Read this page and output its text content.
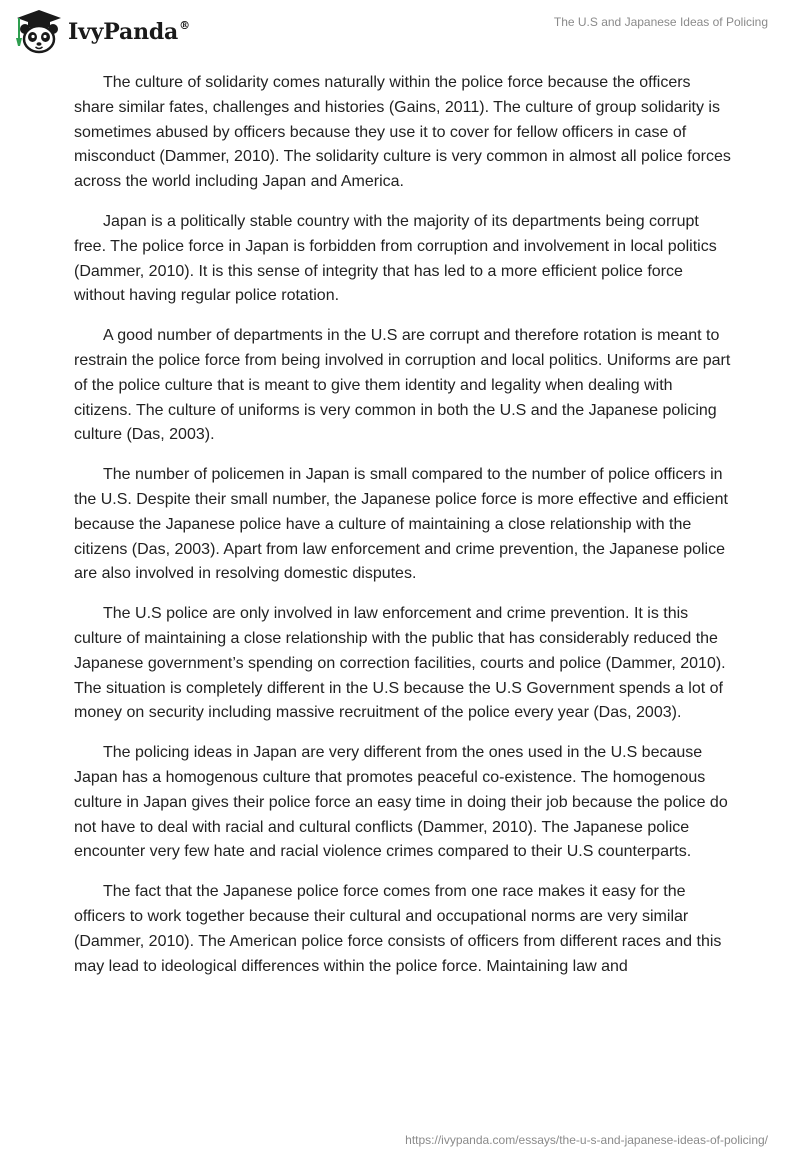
IvyPanda®	The U.S and Japanese Ideas of Policing

The culture of solidarity comes naturally within the police force because the officers share similar fates, challenges and histories (Gains, 2011). The culture of group solidarity is sometimes abused by officers because they use it to cover for fellow officers in case of misconduct (Dammer, 2010). The solidarity culture is very common in almost all police forces across the world including Japan and America.

Japan is a politically stable country with the majority of its departments being corrupt free. The police force in Japan is forbidden from corruption and involvement in local politics (Dammer, 2010). It is this sense of integrity that has led to a more efficient police force without having regular police rotation.

A good number of departments in the U.S are corrupt and therefore rotation is meant to restrain the police force from being involved in corruption and local politics. Uniforms are part of the police culture that is meant to give them identity and legality when dealing with citizens. The culture of uniforms is very common in both the U.S and the Japanese policing culture (Das, 2003).

The number of policemen in Japan is small compared to the number of police officers in the U.S. Despite their small number, the Japanese police force is more effective and efficient because the Japanese police have a culture of maintaining a close relationship with the citizens (Das, 2003). Apart from law enforcement and crime prevention, the Japanese police are also involved in resolving domestic disputes.

The U.S police are only involved in law enforcement and crime prevention. It is this culture of maintaining a close relationship with the public that has considerably reduced the Japanese government’s spending on correction facilities, courts and police (Dammer, 2010). The situation is completely different in the U.S because the U.S Government spends a lot of money on security including massive recruitment of the police every year (Das, 2003).

The policing ideas in Japan are very different from the ones used in the U.S because Japan has a homogenous culture that promotes peaceful co-existence. The homogenous culture in Japan gives their police force an easy time in doing their job because the police do not have to deal with racial and cultural conflicts (Dammer, 2010). The Japanese police encounter very few hate and racial violence crimes compared to their U.S counterparts.

The fact that the Japanese police force comes from one race makes it easy for the officers to work together because their cultural and occupational norms are very similar (Dammer, 2010). The American police force consists of officers from different races and this may lead to ideological differences within the police force. Maintaining law and

https://ivypanda.com/essays/the-u-s-and-japanese-ideas-of-policing/
